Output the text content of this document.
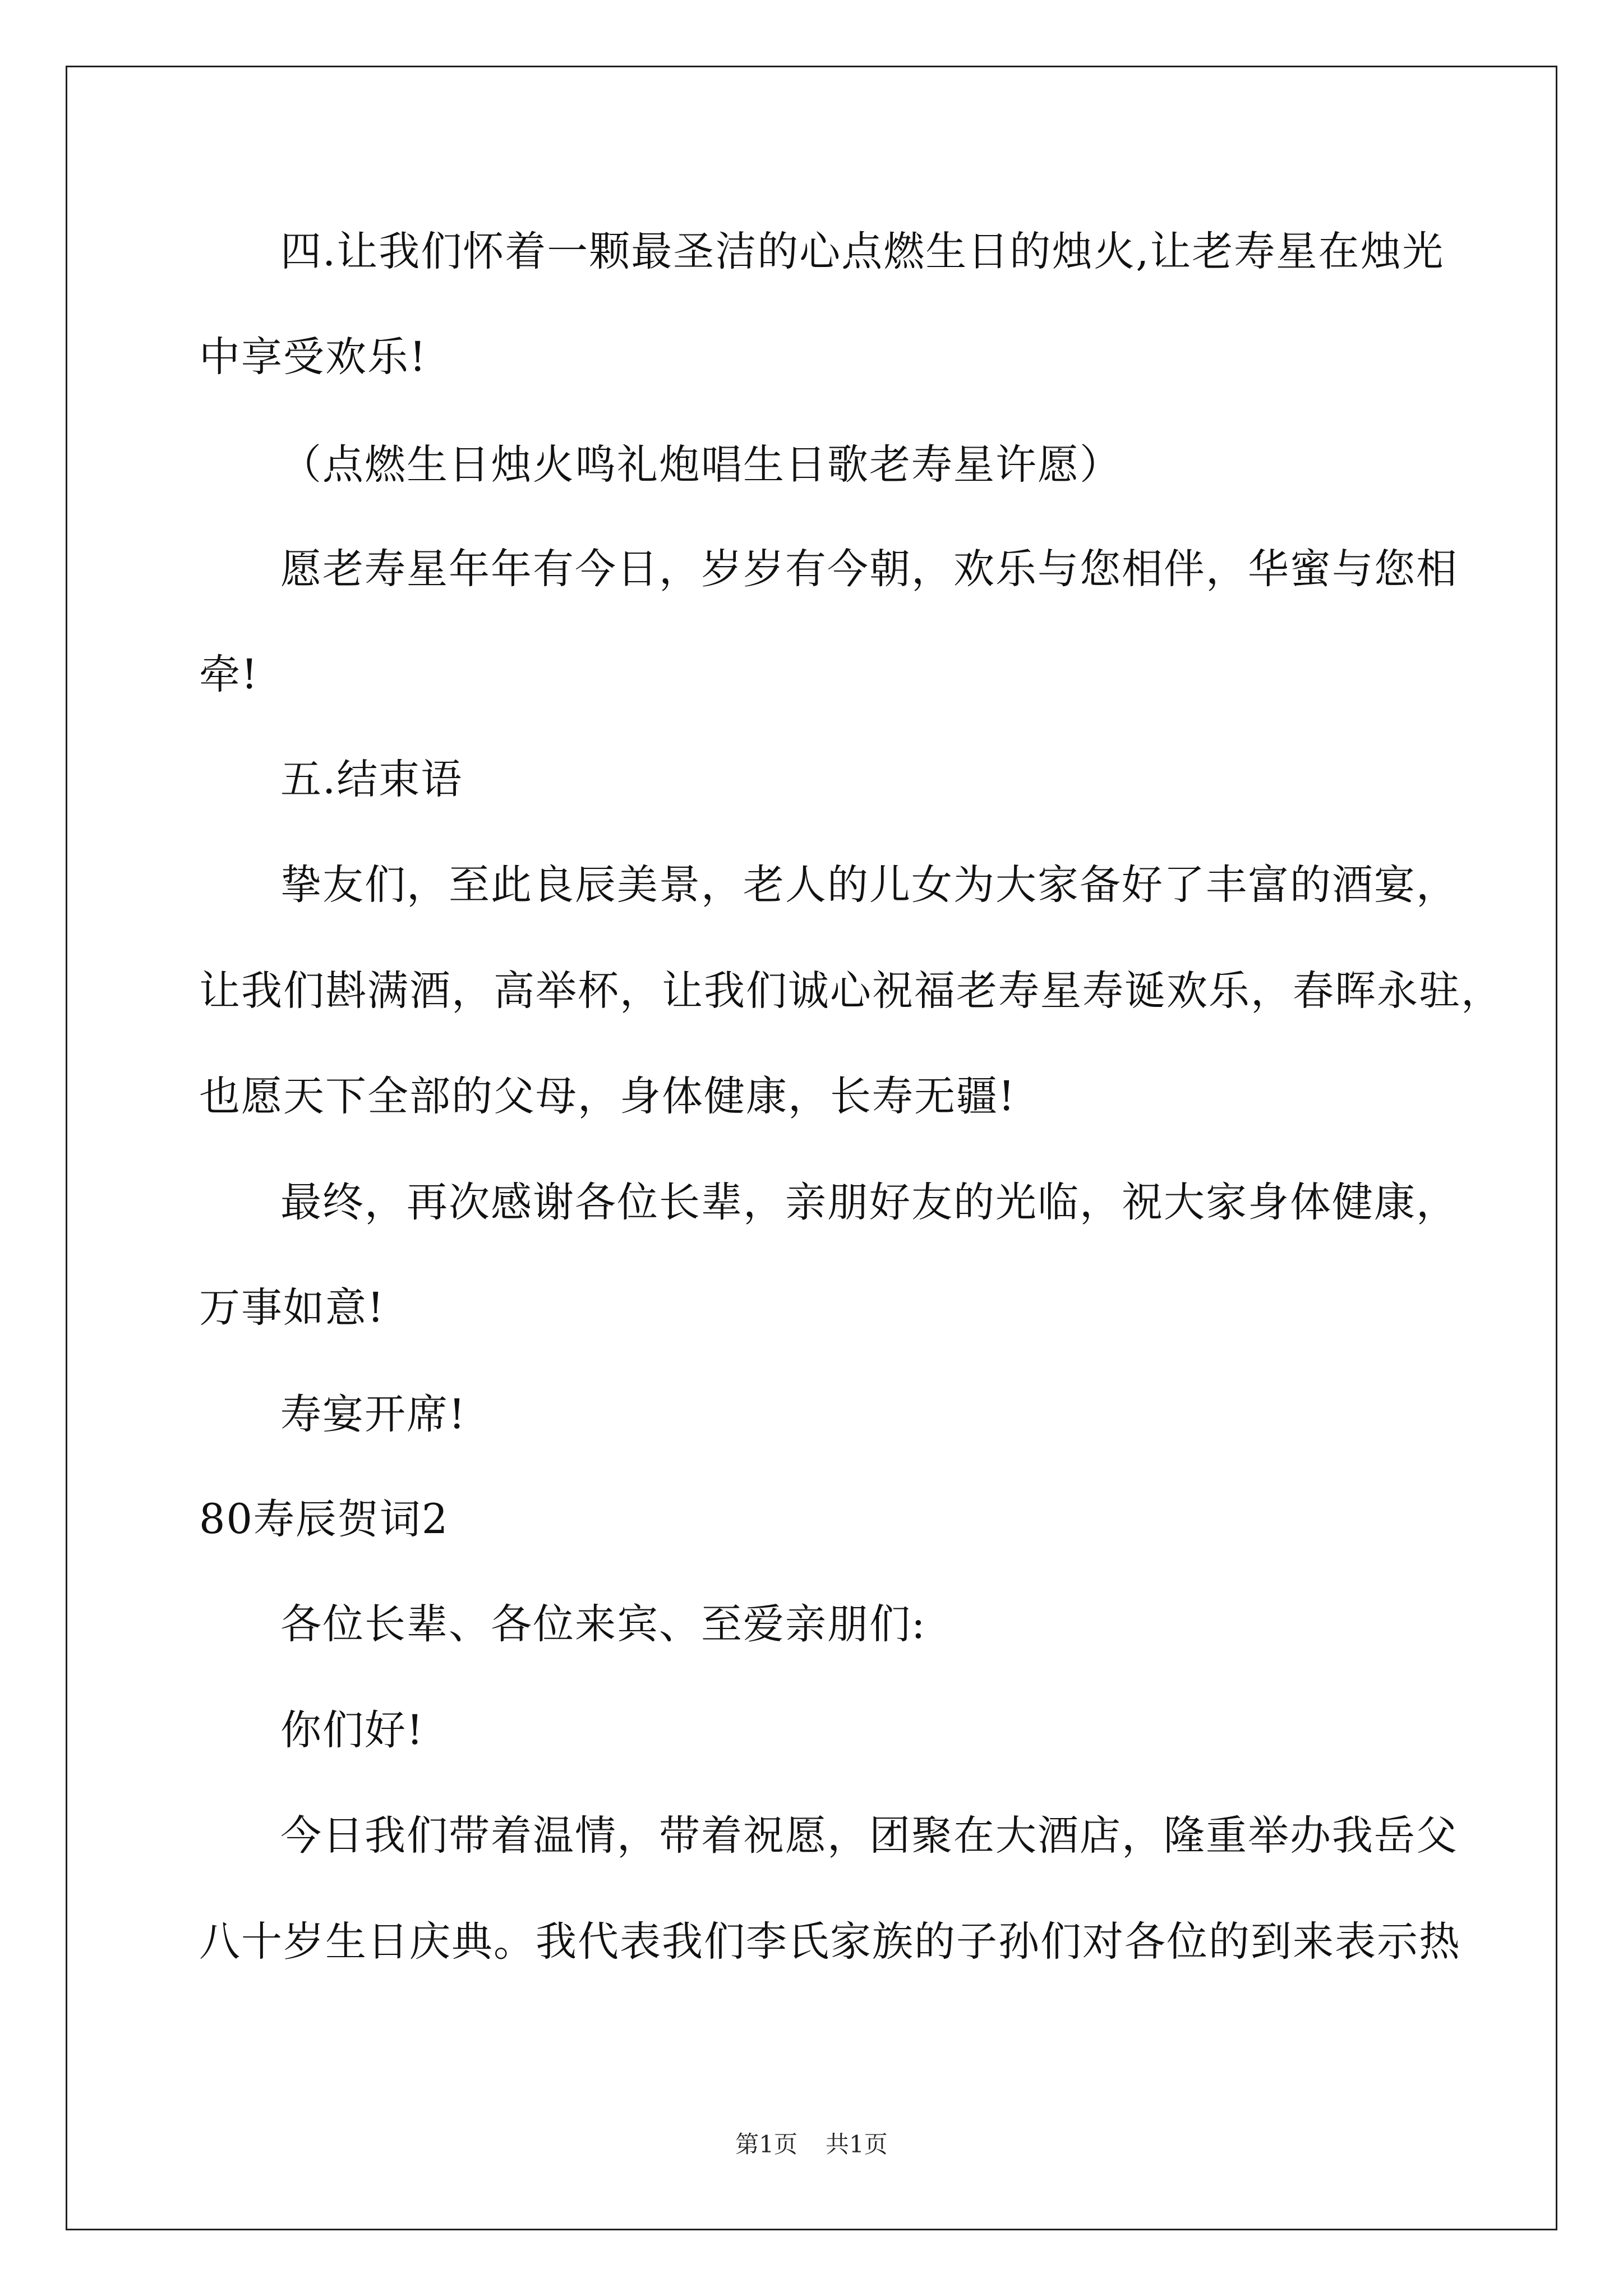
四.让我们怀着一颗最圣洁的心点燃生日的烛火,让老寿星在烛光
中享受欢乐!
（点燃生日烛火鸣礼炮唱生日歌老寿星许愿）
愿老寿星年年有今日，岁岁有今朝，欢乐与您相伴，华蜜与您相
牵!
五.结束语
挚友们，至此良辰美景，老人的儿女为大家备好了丰富的酒宴，
让我们斟满酒，高举杯，让我们诚心祝福老寿星寿诞欢乐，春晖永驻，
也愿天下全部的父母，身体健康，长寿无疆!
最终，再次感谢各位长辈，亲朋好友的光临，祝大家身体健康，
万事如意!
寿宴开席!
80寿辰贺词2
各位长辈、各位来宾、至爱亲朋们:
你们好!
今日我们带着温情，带着祝愿，团聚在大酒店，隆重举办我岳父
八十岁生日庆典。我代表我们李氏家族的子孙们对各位的到来表示热
第1页 共1页
